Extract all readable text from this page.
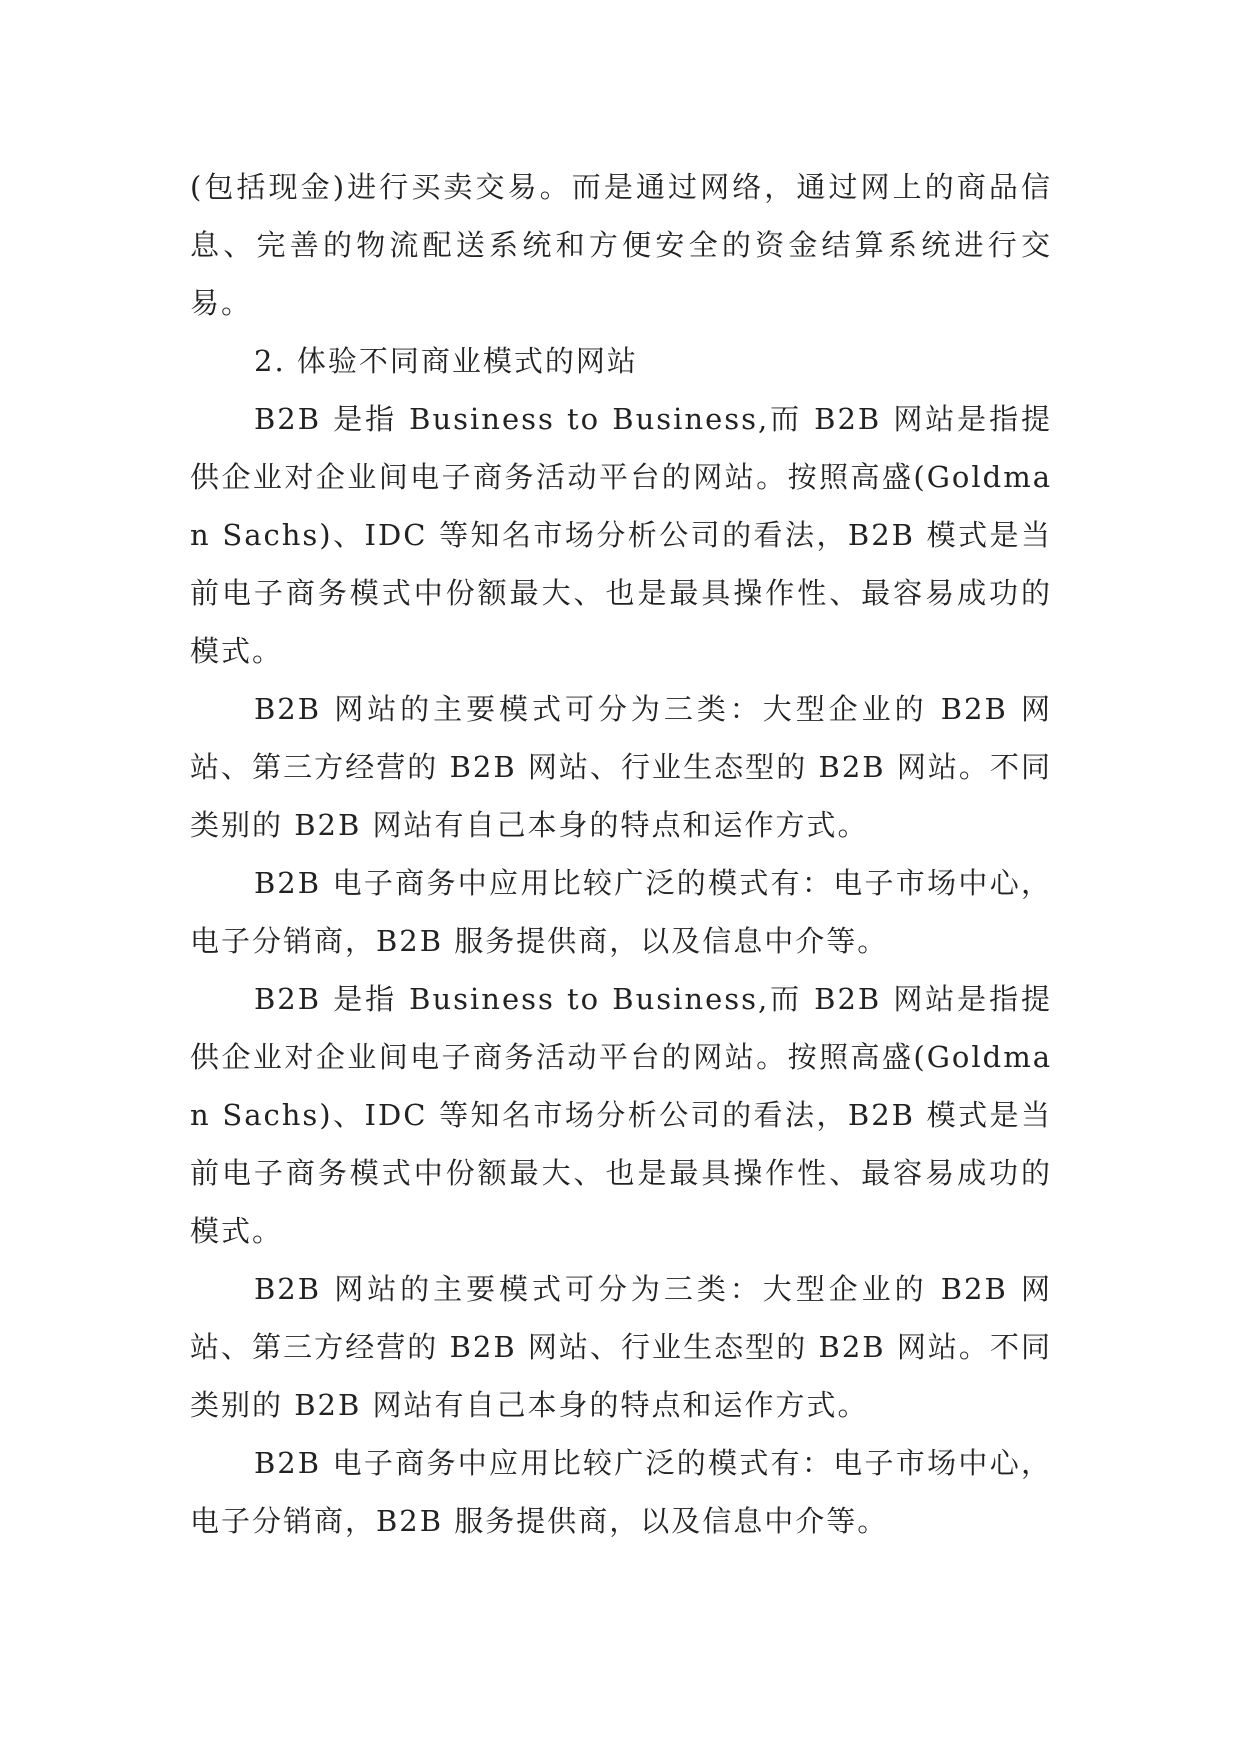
(包括现金)进行买卖交易。而是通过网络，通过网上的商品信息、完善的物流配送系统和方便安全的资金结算系统进行交易。

2. 体验不同商业模式的网站

B2B 是指 Business to Business,而 B2B 网站是指提供企业对企业间电子商务活动平台的网站。按照高盛(Goldman Sachs)、IDC 等知名市场分析公司的看法，B2B 模式是当前电子商务模式中份额最大、也是最具操作性、最容易成功的模式。

B2B 网站的主要模式可分为三类：大型企业的 B2B 网站、第三方经营的 B2B 网站、行业生态型的 B2B 网站。不同类别的 B2B 网站有自己本身的特点和运作方式。

B2B 电子商务中应用比较广泛的模式有：电子市场中心，电子分销商，B2B 服务提供商，以及信息中介等。

B2B 是指 Business to Business,而 B2B 网站是指提供企业对企业间电子商务活动平台的网站。按照高盛(Goldman Sachs)、IDC 等知名市场分析公司的看法，B2B 模式是当前电子商务模式中份额最大、也是最具操作性、最容易成功的模式。

B2B 网站的主要模式可分为三类：大型企业的 B2B 网站、第三方经营的 B2B 网站、行业生态型的 B2B 网站。不同类别的 B2B 网站有自己本身的特点和运作方式。

B2B 电子商务中应用比较广泛的模式有：电子市场中心，电子分销商，B2B 服务提供商，以及信息中介等。
